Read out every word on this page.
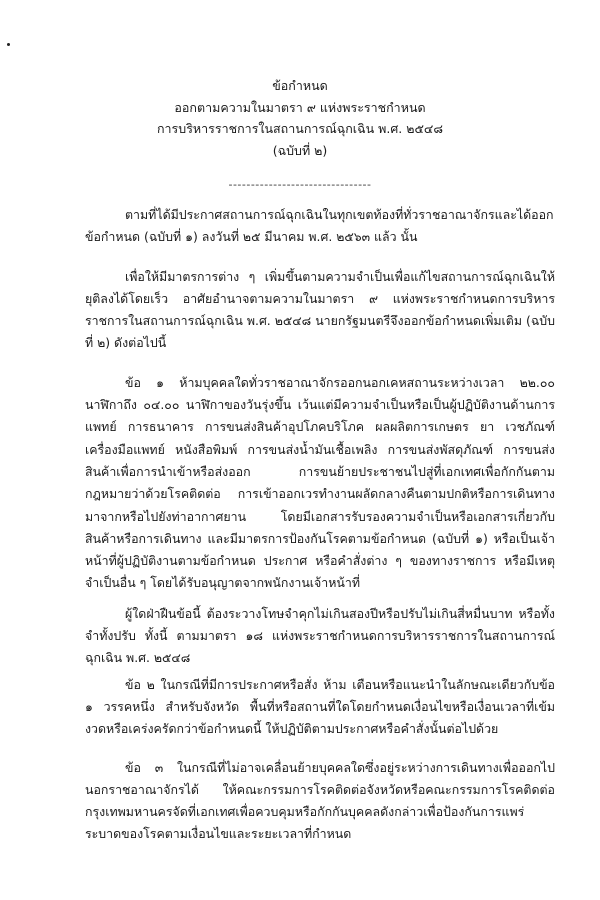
ข้อกำหนด
ออกตามความในมาตรา ๙ แห่งพระราชกำหนด
การบริหารราชการในสถานการณ์ฉุกเฉิน พ.ศ. ๒๕๔๘
(ฉบับที่ ๒)
--------------------------------

ตามที่ได้มีประกาศสถานการณ์ฉุกเฉินในทุกเขตท้องที่ทั่วราชอาณาจักรและได้ออกข้อกำหนด (ฉบับที่ ๑) ลงวันที่ ๒๕ มีนาคม พ.ศ. ๒๕๖๓ แล้ว นั้น

เพื่อให้มีมาตรการต่าง ๆ เพิ่มขึ้นตามความจำเป็นเพื่อแก้ไขสถานการณ์ฉุกเฉินให้ยุติลงได้โดยเร็ว อาศัยอำนาจตามความในมาตรา ๙ แห่งพระราชกำหนดการบริหารราชการในสถานการณ์ฉุกเฉิน พ.ศ. ๒๕๔๘ นายกรัฐมนตรีจึงออกข้อกำหนดเพิ่มเติม (ฉบับที่ ๒) ดังต่อไปนี้

ข้อ ๑ ห้ามบุคคลใดทั่วราชอาณาจักรออกนอกเคหสถานระหว่างเวลา ๒๒.๐๐ นาฬิกาถึง ๐๔.๐๐ นาฬิกาของวันรุ่งขึ้น เว้นแต่มีความจำเป็นหรือเป็นผู้ปฏิบัติงานด้านการแพทย์ การธนาคาร การขนส่งสินค้าอุปโภคบริโภค ผลผลิตการเกษตร ยา เวชภัณฑ์ เครื่องมือแพทย์ หนังสือพิมพ์ การขนส่งน้ำมันเชื้อเพลิง การขนส่งพัสดุภัณฑ์ การขนส่งสินค้าเพื่อการนำเข้าหรือส่งออก การขนย้ายประชาชนไปสู่ที่เอกเทศเพื่อกักกันตามกฎหมายว่าด้วยโรคติดต่อ การเข้าออกเวรทำงานผลัดกลางคืนตามปกติหรือการเดินทางมาจากหรือไปยังท่าอากาศยาน โดยมีเอกสารรับรองความจำเป็นหรือเอกสารเกี่ยวกับสินค้าหรือการเดินทาง และมีมาตรการป้องกันโรคตามข้อกำหนด (ฉบับที่ ๑) หรือเป็นเจ้าหน้าที่ผู้ปฏิบัติงานตามข้อกำหนด ประกาศ หรือคำสั่งต่าง ๆ ของทางราชการ หรือมีเหตุจำเป็นอื่น ๆ โดยได้รับอนุญาตจากพนักงานเจ้าหน้าที่

ผู้ใดฝ่าฝืนข้อนี้ ต้องระวางโทษจำคุกไม่เกินสองปีหรือปรับไม่เกินสี่หมื่นบาท หรือทั้งจำทั้งปรับ ทั้งนี้ ตามมาตรา ๑๘ แห่งพระราชกำหนดการบริหารราชการในสถานการณ์ฉุกเฉิน พ.ศ. ๒๕๔๘

ข้อ ๒ ในกรณีที่มีการประกาศหรือสั่ง ห้าม เตือนหรือแนะนำในลักษณะเดียวกับข้อ ๑ วรรคหนึ่ง สำหรับจังหวัด พื้นที่หรือสถานที่ใดโดยกำหนดเงื่อนไขหรือเงื่อนเวลาที่เข้มงวดหรือเคร่งครัดกว่าข้อกำหนดนี้ ให้ปฏิบัติตามประกาศหรือคำสั่งนั้นต่อไปด้วย

ข้อ ๓ ในกรณีที่ไม่อาจเคลื่อนย้ายบุคคลใดซึ่งอยู่ระหว่างการเดินทางเพื่อออกไปนอกราชอาณาจักรได้ ให้คณะกรรมการโรคติดต่อจังหวัดหรือคณะกรรมการโรคติดต่อกรุงเทพมหานครจัดที่เอกเทศเพื่อควบคุมหรือกักกันบุคคลดังกล่าวเพื่อป้องกันการแพร่ระบาดของโรคตามเงื่อนไขและระยะเวลาที่กำหนด
